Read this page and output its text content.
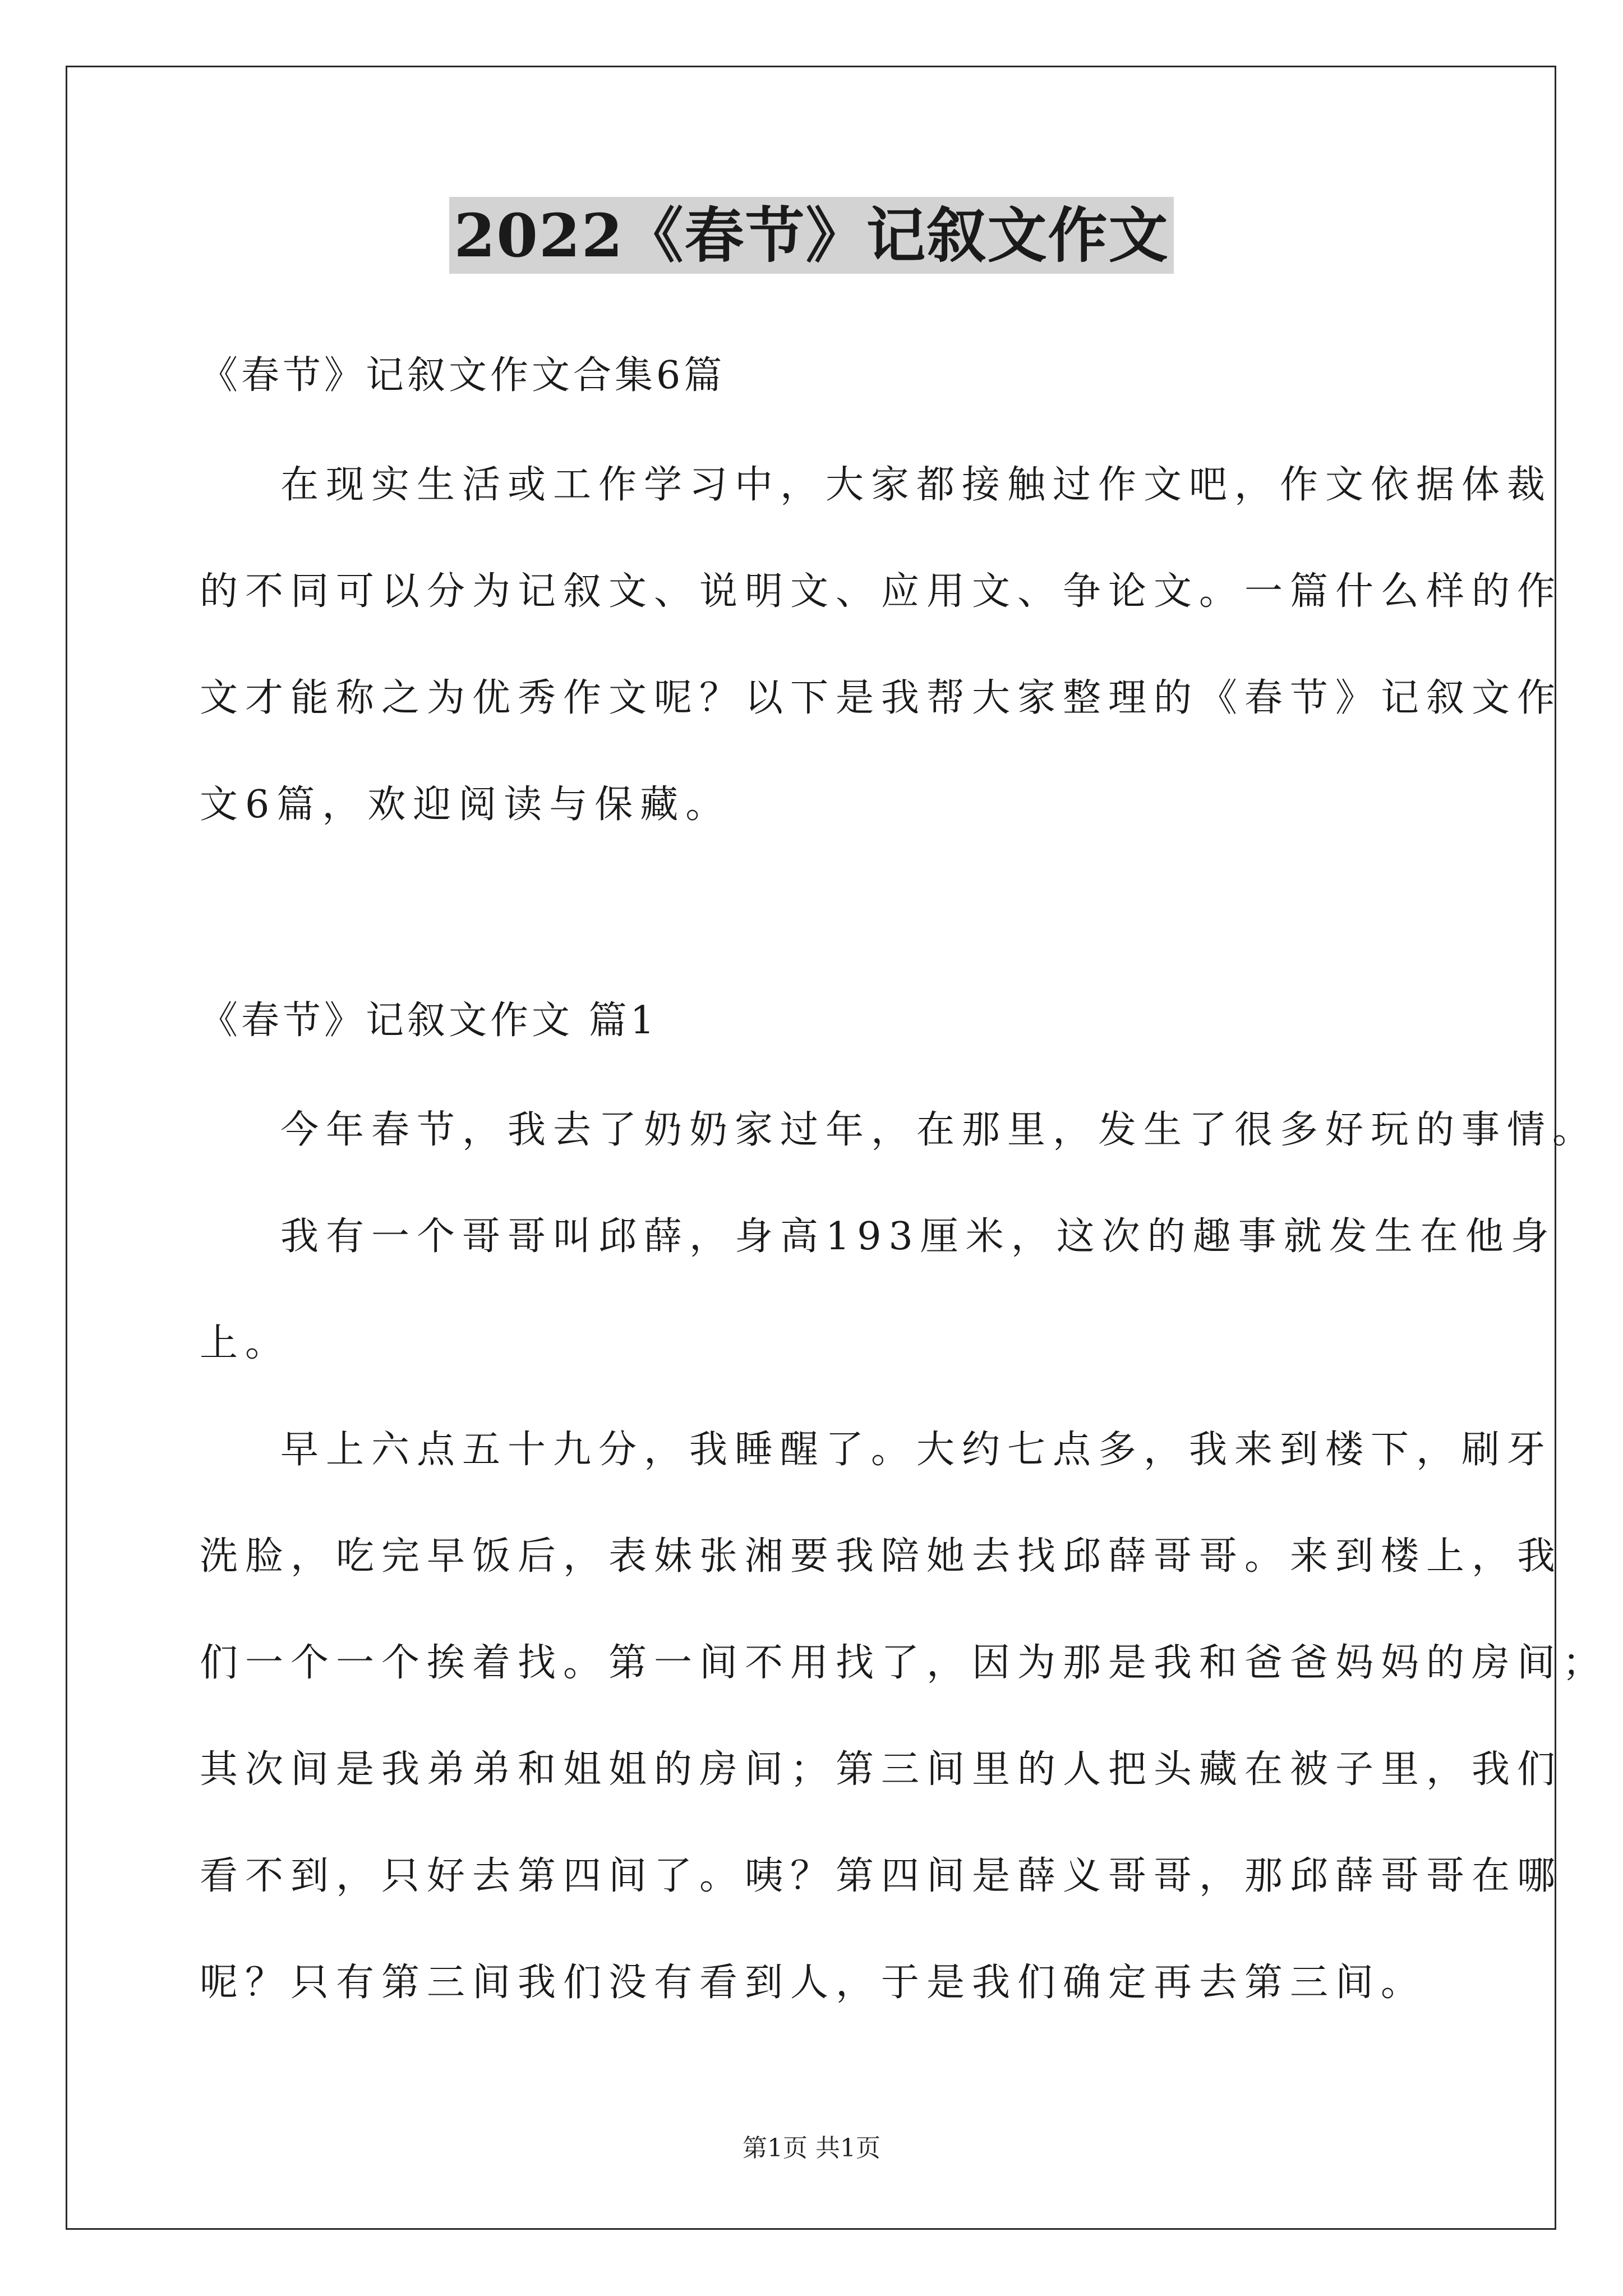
2022《春节》记叙文作文

《春节》记叙文作文合集6篇

在现实生活或工作学习中，大家都接触过作文吧，作文依据体裁

的不同可以分为记叙文、说明文、应用文、争论文。一篇什么样的作

文才能称之为优秀作文呢？以下是我帮大家整理的《春节》记叙文作

文6篇，欢迎阅读与保藏。

《春节》记叙文作文 篇1

今年春节，我去了奶奶家过年，在那里，发生了很多好玩的事情。

我有一个哥哥叫邱薛，身高193厘米，这次的趣事就发生在他身

上。

早上六点五十九分，我睡醒了。大约七点多，我来到楼下，刷牙

洗脸，吃完早饭后，表妹张湘要我陪她去找邱薛哥哥。来到楼上，我

们一个一个挨着找。第一间不用找了，因为那是我和爸爸妈妈的房间；

其次间是我弟弟和姐姐的房间；第三间里的人把头藏在被子里，我们

看不到，只好去第四间了。咦？第四间是薛义哥哥，那邱薛哥哥在哪

呢？只有第三间我们没有看到人，于是我们确定再去第三间。

第1页 共1页
